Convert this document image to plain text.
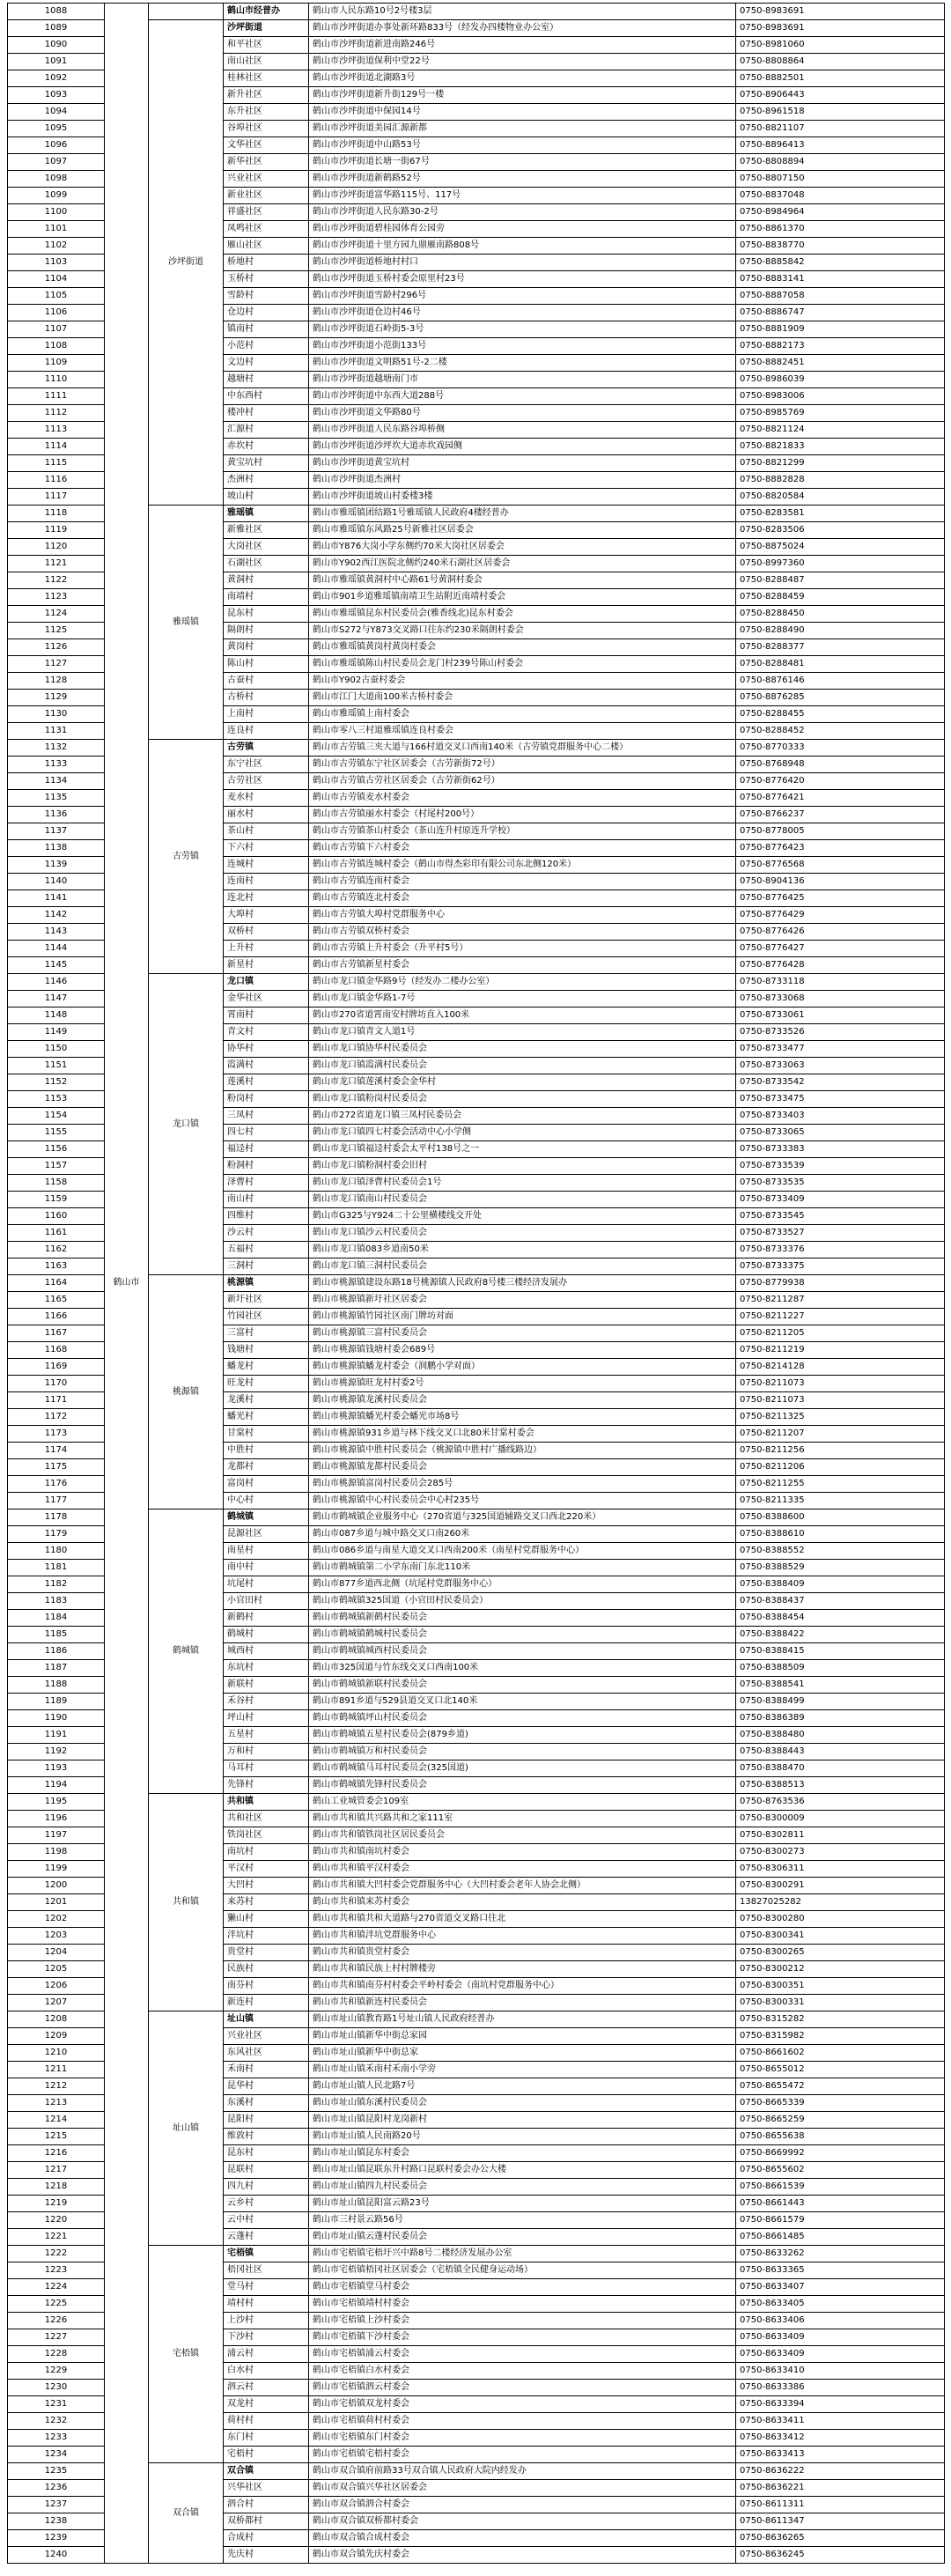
1088	鹤山市		鹤山市经普办	鹤山市人民东路10号2号楼3层	0750-8983691
1089		沙坪街道	沙坪街道	鹤山市沙坪街道办事处新环路833号（经发办四楼物业办公室）	0750-8983691
1090			和平社区	鹤山市沙坪街道新进南路246号	0750-8981060
1091			南山社区	鹤山市沙坪街道保利中堂22号	0750-8808864
1092			桂林社区	鹤山市沙坪街道北湖路3号	0750-8882501
1093			新升社区	鹤山市沙坪街道新升街129号一楼	0750-8906443
1094			东升社区	鹤山市沙坪街道中保园14号	0750-8961518
1095			谷埠社区	鹤山市沙坪街道美园汇源新都	0750-8821107
1096			文华社区	鹤山市沙坪街道中山路53号	0750-8896413
1097			新华社区	鹤山市沙坪街道长塘一街67号	0750-8808894
1098			兴业社区	鹤山市沙坪街道新鹤路52号	0750-8807150
1099			新业社区	鹤山市沙坪街道富华路115号、117号	0750-8837048
1100			祥盛社区	鹤山市沙坪街道人民东路30-2号	0750-8984964
1101			凤鸣社区	鹤山市沙坪街道碧桂园体育公园旁	0750-8861370
1102			雁山社区	鹤山市沙坪街道十里方园九鼎雁南路808号	0750-8838770
1103			桥地村	鹤山市沙坪街道桥地村村口	0750-8885842
1104			玉桥村	鹤山市沙坪街道玉桥村委会原里村23号	0750-8883141
1105			雪龄村	鹤山市沙坪街道雪龄村296号	0750-8887058
1106			仓边村	鹤山市沙坪街道仓边村46号	0750-8886747
1107			镇南村	鹤山市沙坪街道石岭街5-3号	0750-8881909
1108			小范村	鹤山市沙坪街道小范街133号	0750-8882173
1109			文边村	鹤山市沙坪街道文明路51号-2二楼	0750-8882451
1110			越塘村	鹤山市沙坪街道越塘南门市	0750-8986039
1111			中东西村	鹤山市沙坪街道中东西大道288号	0750-8983006
1112			楼冲村	鹤山市沙坪街道文华路80号	0750-8985769
1113			汇源村	鹤山市沙坪街道人民东路谷埠桥侧	0750-8821124
1114			赤坎村	鹤山市沙坪街道沙坪坎大道赤坎戏园侧	0750-8821833
1115			黄宝坑村	鹤山市沙坪街道黄宝坑村	0750-8821299
1116			杰洲村	鹤山市沙坪街道杰洲村	0750-8882828
1117			坡山村	鹤山市沙坪街道坡山村委楼3楼	0750-8820584
1118		雅瑶镇	雅瑶镇	鹤山市雅瑶镇团结路1号雅瑶镇人民政府4楼经普办	0750-8283581
1119			新雅社区	鹤山市雅瑶镇东风路25号新雅社区居委会	0750-8283506
1120			大岗社区	鹤山市Y876大岗小学东侧约70米大岗社区居委会	0750-8875024
1121			石湖社区	鹤山市Y902西江医院北侧约240米石湖社区居委会	0750-8997360
1122			黄洞村	鹤山市雅瑶镇黄洞村中心路61号黄洞村委会	0750-8288487
1123			南靖村	鹤山市901乡道雅瑶镇南靖卫生站附近南靖村委会	0750-8288459
1124			昆东村	鹤山市雅瑶镇昆东村民委员会(雅香线北)昆东村委会	0750-8288450
1125			隔朗村	鹤山市S272与Y873交叉路口往东约230米隔朗村委会	0750-8288490
1126			黄岗村	鹤山市雅瑶镇黄岗村黄岗村委会	0750-8288377
1127			陈山村	鹤山市雅瑶镇陈山村民委员会龙门村239号陈山村委会	0750-8288481
1128			古蚕村	鹤山市Y902古蚕村委会	0750-8876146
1129			古桥村	鹤山市江门大道南100米古桥村委会	0750-8876285
1130			上南村	鹤山市雅瑶镇上南村委会	0750-8288455
1131			连良村	鹤山市零八三村道雅瑶镇连良村委会	0750-8288452
1132		古劳镇	古劳镇	鹤山市古劳镇三夹大道与166村道交叉口西南140米（古劳镇党群服务中心二楼）	0750-8770333
1133			东宁社区	鹤山市古劳镇东宁社区居委会（古劳新街72号）	0750-8768948
1134			古劳社区	鹤山市古劳镇古劳社区居委会（古劳新街62号）	0750-8776420
1135			麦水村	鹤山市古劳镇麦水村委会	0750-8776421
1136			丽水村	鹤山市古劳镇丽水村委会（村尾村200号）	0750-8766237
1137			茶山村	鹤山市古劳镇茶山村委会（茶山连升村原连升学校）	0750-8778005
1138			下六村	鹤山市古劳镇下六村委会	0750-8776423
1139			连城村	鹤山市古劳镇连城村委会（鹤山市得杰彩印有限公司东北侧120米）	0750-8776568
1140			连南村	鹤山市古劳镇连南村委会	0750-8904136
1141			连北村	鹤山市古劳镇连北村委会	0750-8776425
1142			大埠村	鹤山市古劳镇大埠村党群服务中心	0750-8776429
1143			双桥村	鹤山市古劳镇双桥村委会	0750-8776426
1144			上升村	鹤山市古劳镇上升村委会（升平村5号）	0750-8776427
1145			新星村	鹤山市古劳镇新星村委会	0750-8776428
1146		龙口镇	龙口镇	鹤山市龙口镇金华路9号（经发办二楼办公室）	0750-8733118
1147			金华社区	鹤山市龙口镇金华路1-7号	0750-8733068
1148			霄南村	鹤山市270省道霄南安村牌坊直入100米	0750-8733061
1149			青文村	鹤山市龙口镇青文人道1号	0750-8733526
1150			协华村	鹤山市龙口镇协华村民委员会	0750-8733477
1151			霞满村	鹤山市龙口镇霞满村民委员会	0750-8733063
1152			莲溪村	鹤山市龙口镇莲溪村委会金华村	0750-8733542
1153			粉岗村	鹤山市龙口镇粉岗村民委员会	0750-8733475
1154			三凤村	鹤山市272省道龙口镇三凤村民委员会	0750-8733403
1155			四七村	鹤山市龙口镇四七村委会活动中心小学侧	0750-8733065
1156			福迳村	鹤山市龙口镇福迳村委会太平村138号之一	0750-8733383
1157			粉洞村	鹤山市龙口镇粉洞村委会旧村	0750-8733539
1158			泽曹村	鹤山市龙口镇泽曹村民委员会1号	0750-8733535
1159			南山村	鹤山市龙口镇南山村民委员会	0750-8733409
1160			四维村	鹤山市G325与Y924二十公里横楼线交开处	0750-8733545
1161			沙云村	鹤山市龙口镇沙云村民委员会	0750-8733527
1162			五福村	鹤山市龙口镇083乡道南50米	0750-8733376
1163			三洞村	鹤山市龙口镇三洞村民委员会	0750-8733375
1164		桃源镇	桃源镇	鹤山市桃源镇建设东路18号桃源镇人民政府8号楼三楼经济发展办	0750-8779938
1165			新圩社区	鹤山市桃源镇新圩社区居委会	0750-8211287
1166			竹园社区	鹤山市桃源镇竹园社区南门牌坊对面	0750-8211227
1167			三富村	鹤山市桃源镇三富村民委员会	0750-8211205
1168			钱塘村	鹤山市桃源镇钱塘村委会689号	0750-8211219
1169			蟠龙村	鹤山市桃源镇蟠龙村委会（润鹏小学对面）	0750-8214128
1170			旺龙村	鹤山市桃源镇旺龙村村委2号	0750-8211073
1171			龙溪村	鹤山市桃源镇龙溪村民委员会	0750-8211073
1172			蟠光村	鹤山市桃源镇蟠光村委会蟠光市场8号	0750-8211325
1173			甘棠村	鹤山市桃源镇931乡道与林下线交叉口北80米甘棠村委会	0750-8211207
1174			中胜村	鹤山市桃源镇中胜村民委员会（桃源镇中胜村广播线路边）	0750-8211256
1175			龙都村	鹤山市桃源镇龙都村民委员会	0750-8211206
1176			富岗村	鹤山市桃源镇富岗村民委员会285号	0750-8211255
1177			中心村	鹤山市桃源镇中心村民委员会中心村235号	0750-8211335
1178		鹤城镇	鹤城镇	鹤山市鹤城镇企业服务中心（270省道与325国道辅路交叉口西北220米）	0750-8388600
1179			昆源社区	鹤山市087乡道与城中路交叉口南260米	0750-8388610
1180			南星村	鹤山市086乡道与南星大道交叉口西南200米（南星村党群服务中心）	0750-8388552
1181			南中村	鹤山市鹤城镇第二小学东南门东北110米	0750-8388529
1182			坑尾村	鹤山市877乡道西北侧（坑尾村党群服务中心）	0750-8388409
1183			小官田村	鹤山市鹤城镇325国道（小官田村民委员会）	0750-8388437
1184			新鹤村	鹤山市鹤城镇新鹤村民委员会	0750-8388454
1185			鹤城村	鹤山市鹤城镇鹤城村民委员会	0750-8388422
1186			城西村	鹤山市鹤城镇城西村民委员会	0750-8388415
1187			东坑村	鹤山市325国道与竹东线交叉口西南100米	0750-8388509
1188			新联村	鹤山市鹤城镇新联村民委员会	0750-8388541
1189			禾谷村	鹤山市891乡道与529县道交叉口北140米	0750-8388499
1190			坪山村	鹤山市鹤城镇坪山村民委员会	0750-8386389
1191			五星村	鹤山市鹤城镇五星村民委员会(879乡道)	0750-8388480
1192			万和村	鹤山市鹤城镇万和村民委员会	0750-8388443
1193			马耳村	鹤山市鹤城镇马耳村民委员会(325国道)	0750-8388470
1194			先锋村	鹤山市鹤城镇先锋村民委员会	0750-8388513
1195		共和镇	共和镇	鹤山工业城管委会109室	0750-8763536
1196			共和社区	鹤山市共和镇共兴路共和之家111室	0750-8300009
1197			铁岗社区	鹤山市共和镇铁岗社区居民委员会	0750-8302811
1198			南坑村	鹤山市共和镇南坑村委会	0750-8300273
1199			平汉村	鹤山市共和镇平汉村委会	0750-8306311
1200			大凹村	鹤山市共和镇大凹村委会党群服务中心（大凹村委会老年人协会北侧）	0750-8300291
1201			来苏村	鹤山市共和镇来苏村委会	13827025282
1202			獭山村	鹤山市共和镇共和大道路与270省道交叉路口往北	0750-8300280
1203			泮坑村	鹤山市共和镇泮坑党群服务中心	0750-8300341
1204			贵堂村	鹤山市共和镇贵堂村委会	0750-8300265
1205			民族村	鹤山市共和镇民族上村村牌楼旁	0750-8300212
1206			南芬村	鹤山市共和镇南芬村村委会平岭村委会（南坑村党群服务中心）	0750-8300351
1207			新连村	鹤山市共和镇新连村民委员会	0750-8300331
1208		址山镇	址山镇	鹤山市址山镇教育路1号址山镇人民政府经普办	0750-8315282
1209			兴业社区	鹤山市址山镇新华中街总家园	0750-8315982
1210			东风社区	鹤山市址山镇新华中街总家	0750-8661602
1211			禾南村	鹤山市址山镇禾南村禾南小学旁	0750-8655012
1212			昆华村	鹤山市址山镇人民北路7号	0750-8655472
1213			东溪村	鹤山市址山镇东溪村民委员会	0750-8665339
1214			昆阳村	鹤山市址山镇昆阳村龙岗新村	0750-8665259
1215			维敦村	鹤山市址山镇人民南路20号	0750-8655638
1216			昆东村	鹤山市址山镇昆东村委会	0750-8669992
1217			昆联村	鹤山市址山镇昆联东升村路口昆联村委会办公大楼	0750-8655602
1218			四九村	鹤山市址山镇四九村民委员会	0750-8661539
1219			云乡村	鹤山市址山镇昆阳富云路23号	0750-8661443
1220			云中村	鹤山市三村景云路56号	0750-8661579
1221			云蓬村	鹤山市址山镇云蓬村民委员会	0750-8661485
1222		宅梧镇	宅梧镇	鹤山市宅梧镇宅梧圩兴中路8号二楼经济发展办公室	0750-8633262
1223			梧冈社区	鹤山市宅梧镇梧冈社区居委会（宅梧镇全民健身运动场）	0750-8633365
1224			堂马村	鹤山市宅梧镇堂马村委会	0750-8633407
1225			靖村村	鹤山市宅梧镇靖村村委会	0750-8633405
1226			上沙村	鹤山市宅梧镇上沙村委会	0750-8633406
1227			下沙村	鹤山市宅梧镇下沙村委会	0750-8633409
1228			浦云村	鹤山市宅梧镇浦云村委会	0750-8633409
1229			白水村	鹤山市宅梧镇白水村委会	0750-8633410
1230			泗云村	鹤山市宅梧镇泗云村委会	0750-8633386
1231			双龙村	鹤山市宅梧镇双龙村委会	0750-8633394
1232			荷村村	鹤山市宅梧镇荷村村委会	0750-8633411
1233			东门村	鹤山市宅梧镇东门村委会	0750-8633412
1234			宅梧村	鹤山市宅梧镇宅梧村委会	0750-8633413
1235		双合镇	双合镇	鹤山市双合镇府前路33号双合镇人民政府大院内经发办	0750-8636222
1236			兴华社区	鹤山市双合镇兴华社区居委会	0750-8636221
1237			泗合村	鹤山市双合镇泗合村委会	0750-8611311
1238			双桥都村	鹤山市双合镇双桥都村委会	0750-8611347
1239			合成村	鹤山市双合镇合成村委会	0750-8636265
1240			先庆村	鹤山市双合镇先庆村委会	0750-8636245
